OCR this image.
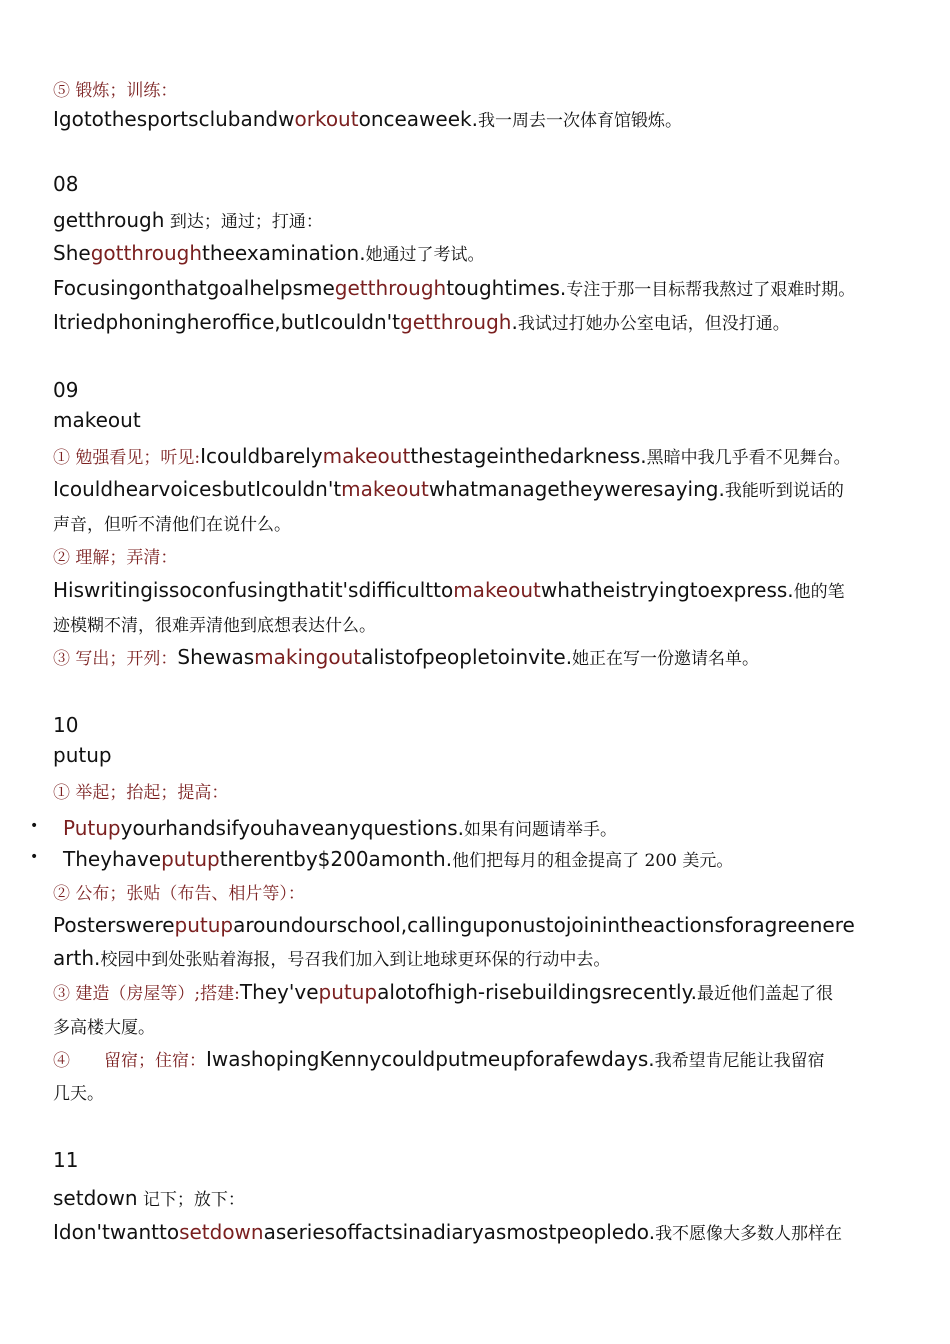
⑤ 锻炼；训练：
Igotothesportsclubandworkoutonceaweek.我一周去一次体育馆锻炼。
08
getthrough 到达；通过；打通：
Shegotthroughtheexamination.她通过了考试。
Focusingonthatgoalhelpsmegetthroughtoughtimes.专注于那一目标帮我熬过了艰难时期。
Itriedphoningheroffice,butIcouldn'tgetthrough.我试过打她办公室电话，但没打通。
09
makeout
① 勉强看见；听见:Icouldbarelymakeoutthestageinthedarkness.黑暗中我几乎看不见舞台。
IcouldhearvoicesbutIcouldn'tmakeoutwhatmanagetheyweresaying.我能听到说话的
声音，但听不清他们在说什么。
② 理解；弄清：
Hiswritingissoconfusingthatit'sdifficulttomakeoutwhatheistryingtoexpress.他的笔
迹模糊不清，很难弄清他到底想表达什么。
③ 写出；开列：Shewasmakingoutalistofpeopletoinvite.她正在写一份邀请名单。
10
putup
① 举起；抬起；提高：
• Putupyourhandsifyouhaveanyquestions.如果有问题请举手。
• Theyhaveputuptherentby$200amonth.他们把每月的租金提高了 200 美元。
② 公布；张贴（布告、相片等）：
Posterswereputuparoundourschool,callinguponustojoinintheactionsforagreenere
arth.校园中到处张贴着海报，号召我们加入到让地球更环保的行动中去。
③ 建造（房屋等）;搭建:They'veputupalotofhigh-risebuildingsrecently.最近他们盖起了很
多高楼大厦。
④　　留宿；住宿：IwashopingKennycouldputmeupforafewdays.我希望肯尼能让我留宿
几天。
11
setdown 记下；放下：
Idon'twanttosetdownaseriesoffactsinadiaryasmostpeopledo.我不愿像大多数人那样在
